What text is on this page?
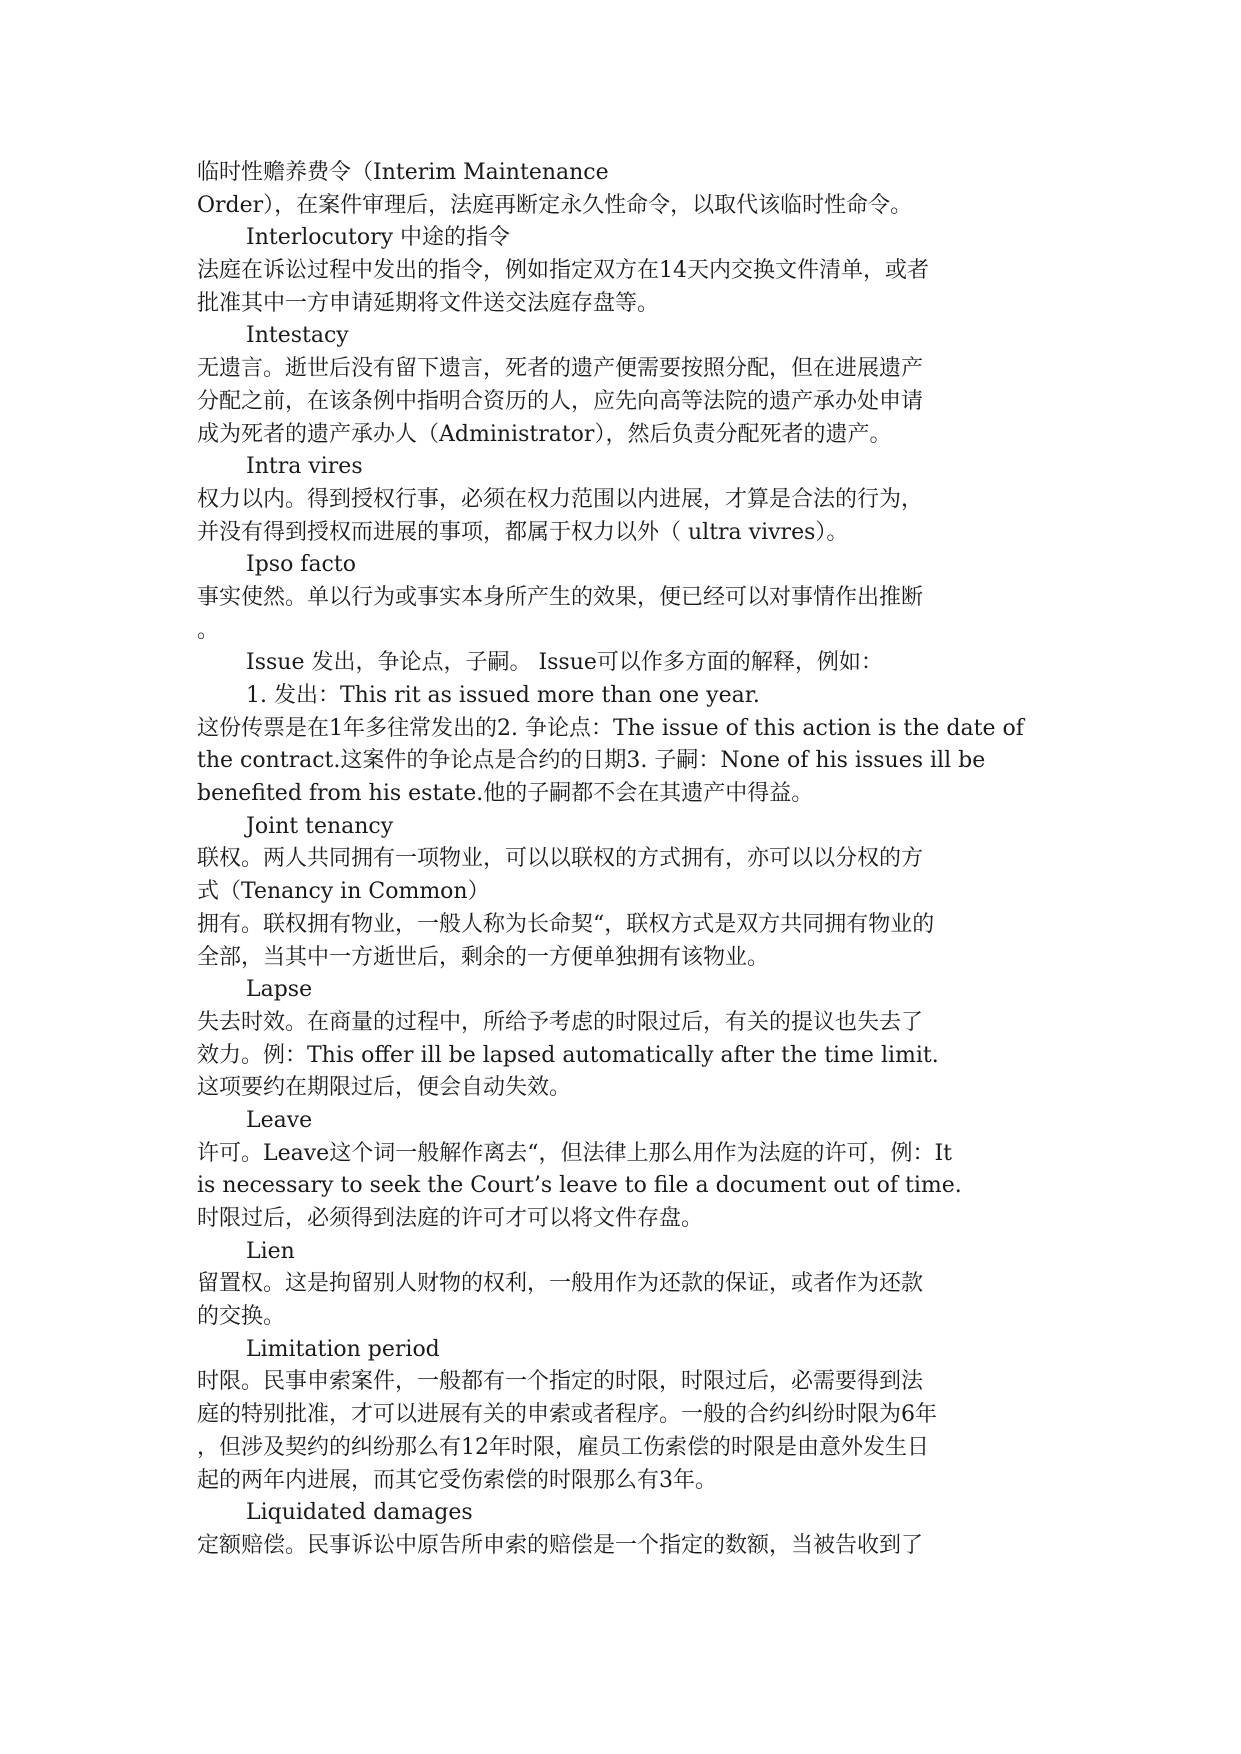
临时性赡养费令（Interim Maintenance
Order），在案件审理后，法庭再断定永久性命令，以取代该临时性命令。
Interlocutory 中途的指令
法庭在诉讼过程中发出的指令，例如指定双方在14天内交换文件清单，或者
批准其中一方申请延期将文件送交法庭存盘等。
Intestacy
无遗言。逝世后没有留下遗言，死者的遗产便需要按照分配，但在进展遗产
分配之前，在该条例中指明合资历的人，应先向高等法院的遗产承办处申请
成为死者的遗产承办人（Administrator），然后负责分配死者的遗产。
Intra vires
权力以内。得到授权行事，必须在权力范围以内进展，才算是合法的行为，
并没有得到授权而进展的事项，都属于权力以外（ ultra vivres）。
Ipso facto
事实使然。单以行为或事实本身所产生的效果，便已经可以对事情作出推断
。
Issue 发出，争论点，子嗣。 Issue可以作多方面的解释，例如：
1. 发出：This rit as issued more than one year.
这份传票是在1年多往常发出的2. 争论点：The issue of this action is the date of
the contract.这案件的争论点是合约的日期3. 子嗣：None of his issues ill be
benefited from his estate.他的子嗣都不会在其遗产中得益。
Joint tenancy
联权。两人共同拥有一项物业，可以以联权的方式拥有，亦可以以分权的方
式（Tenancy in Common）
拥有。联权拥有物业，一般人称为长命契“，联权方式是双方共同拥有物业的
全部，当其中一方逝世后，剩余的一方便单独拥有该物业。
Lapse
失去时效。在商量的过程中，所给予考虑的时限过后，有关的提议也失去了
效力。例：This offer ill be lapsed automatically after the time limit.
这项要约在期限过后，便会自动失效。
Leave
许可。Leave这个词一般解作离去“，但法律上那么用作为法庭的许可，例：It
is necessary to seek the Court’s leave to file a document out of time.
时限过后，必须得到法庭的许可才可以将文件存盘。
Lien
留置权。这是拘留别人财物的权利，一般用作为还款的保证，或者作为还款
的交换。
Limitation period
时限。民事申索案件，一般都有一个指定的时限，时限过后，必需要得到法
庭的特别批准，才可以进展有关的申索或者程序。一般的合约纠纷时限为6年
，但涉及契约的纠纷那么有12年时限，雇员工伤索偿的时限是由意外发生日
起的两年内进展，而其它受伤索偿的时限那么有3年。
Liquidated damages
定额赔偿。民事诉讼中原告所申索的赔偿是一个指定的数额，当被告收到了
